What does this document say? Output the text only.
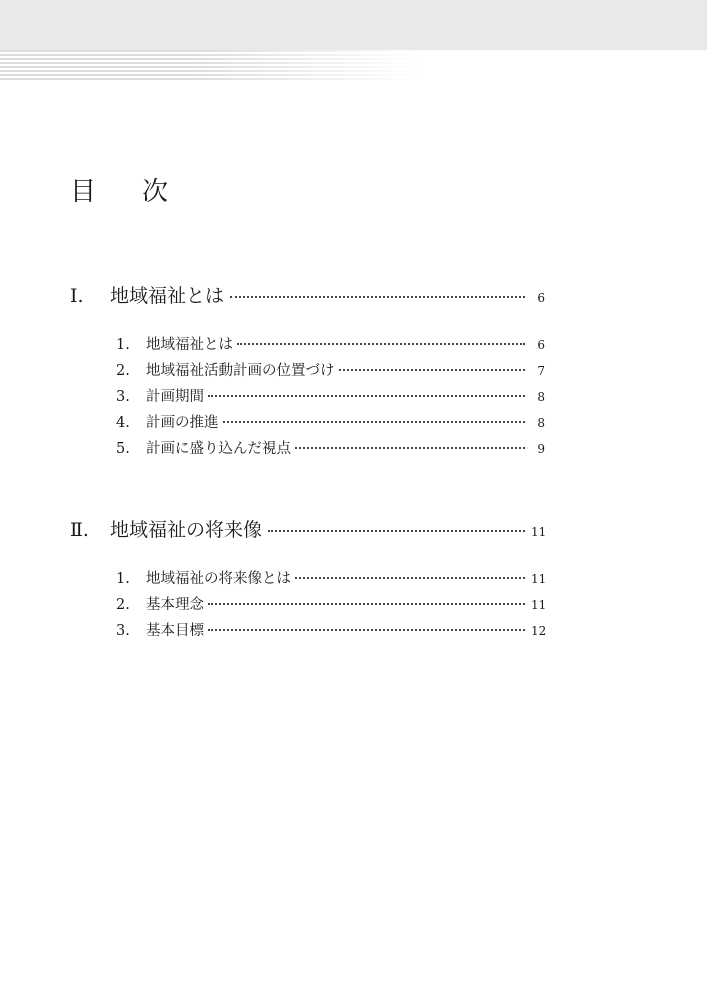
目 次
Ⅰ.	地域福祉とは	6
1.	地域福祉とは	6
2.	地域福祉活動計画の位置づけ	7
3.	計画期間	8
4.	計画の推進	8
5.	計画に盛り込んだ視点	9
Ⅱ.	地域福祉の将来像	11
1.	地域福祉の将来像とは	11
2.	基本理念	11
3.	基本目標	12
